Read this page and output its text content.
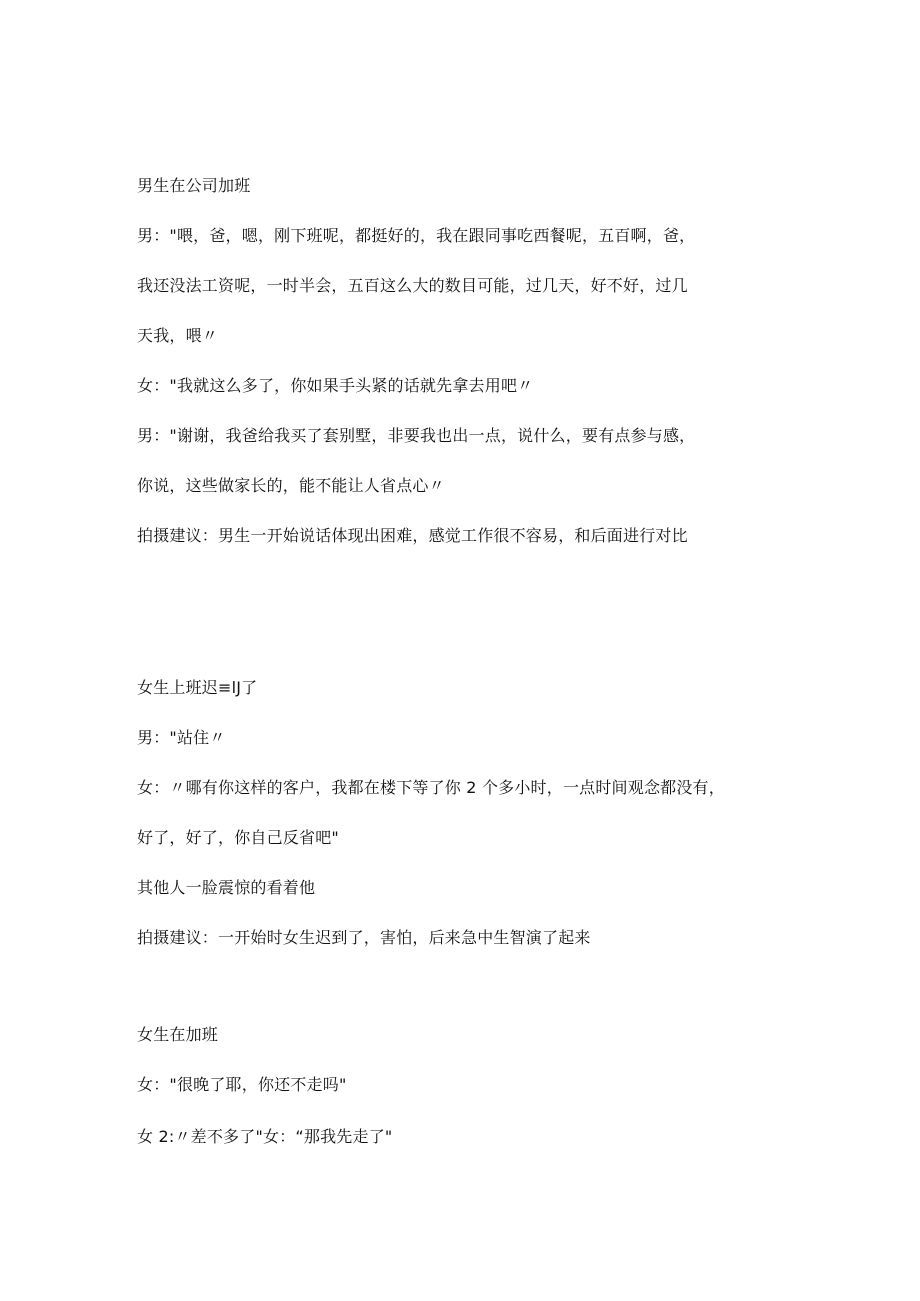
男生在公司加班
男："喂，爸，嗯，刚下班呢，都挺好的，我在跟同事吃西餐呢，五百啊，爸，
我还没法工资呢，一时半会，五百这么大的数目可能，过几天，好不好，过几
天我，喂〃
女："我就这么多了，你如果手头紧的话就先拿去用吧〃
男："谢谢，我爸给我买了套别墅，非要我也出一点，说什么，要有点参与感，
你说，这些做家长的，能不能让人省点心〃
拍摄建议：男生一开始说话体现出困难，感觉工作很不容易，和后面进行对比
女生上班迟≡lJ了
男："站住〃
女：〃哪有你这样的客户，我都在楼下等了你 2 个多小时，一点时间观念都没有，
好了，好了，你自己反省吧"
其他人一脸震惊的看着他
拍摄建议：一开始时女生迟到了，害怕，后来急中生智演了起来
女生在加班
女："很晚了耶，你还不走吗"
女 2:〃差不多了"女：“那我先走了"
